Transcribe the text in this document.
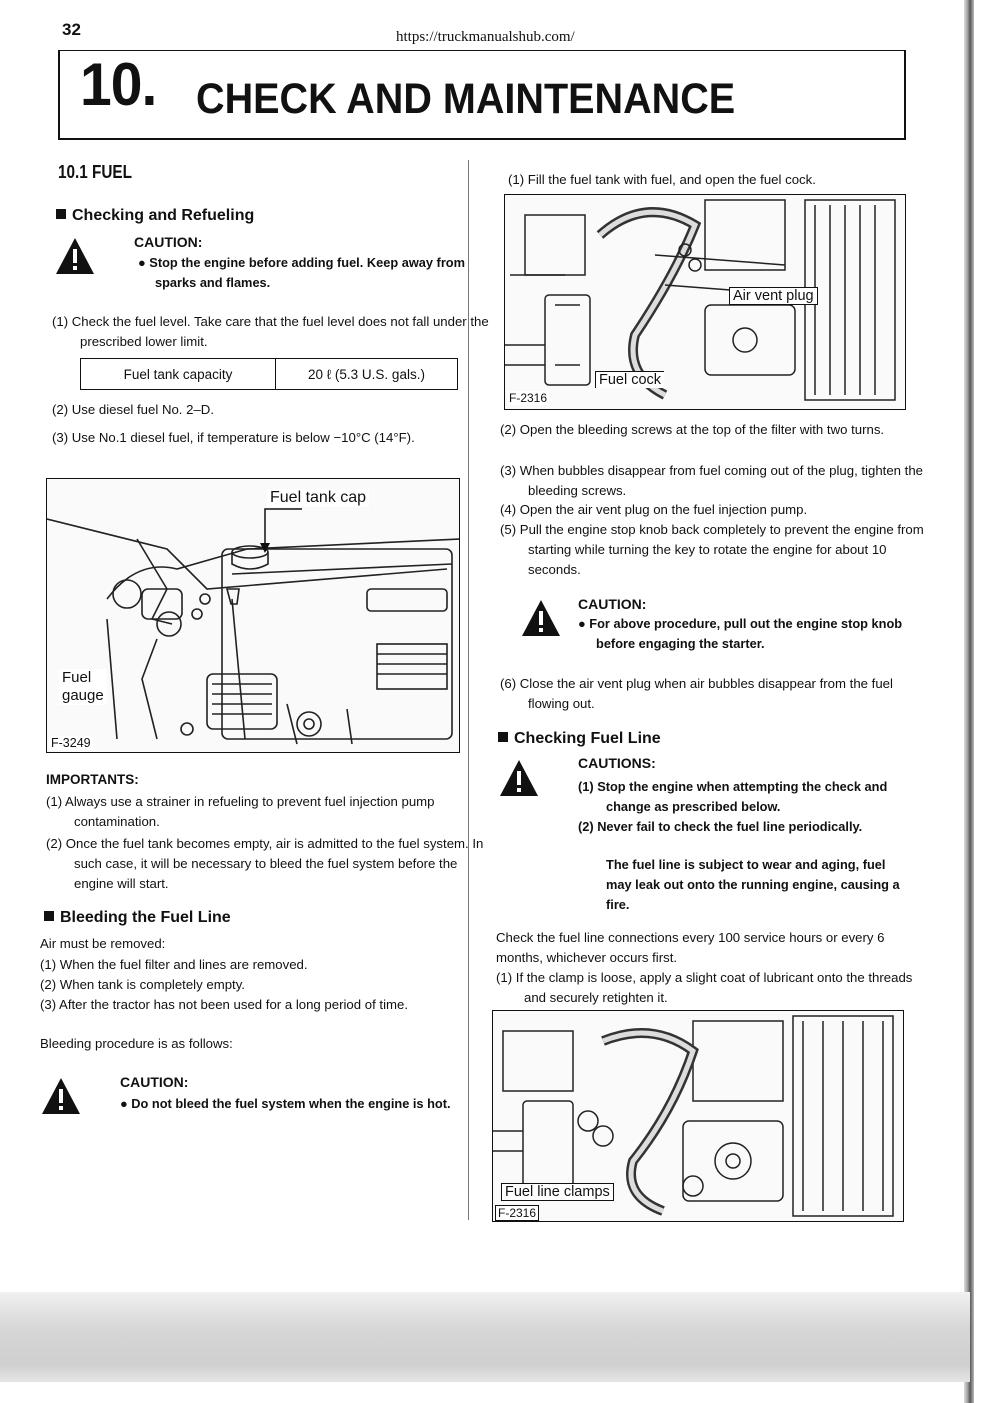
32	https://truckmanualshub.com/
10. CHECK AND MAINTENANCE
10.1 FUEL
Checking and Refueling
CAUTION:
● Stop the engine before adding fuel. Keep away from sparks and flames.
(1) Check the fuel level. Take care that the fuel level does not fall under the prescribed lower limit.
Fuel tank capacity	20 ℓ (5.3 U.S. gals.)
(2) Use diesel fuel No. 2–D.
(3) Use No.1 diesel fuel, if temperature is below −10°C (14°F).
Fuel tank cap
Fuel
gauge
F-3249
IMPORTANTS:
(1) Always use a strainer in refueling to prevent fuel injection pump contamination.
(2) Once the fuel tank becomes empty, air is admitted to the fuel system. In such case, it will be necessary to bleed the fuel system before the engine will start.
Bleeding the Fuel Line
Air must be removed:
(1) When the fuel filter and lines are removed.
(2) When tank is completely empty.
(3) After the tractor has not been used for a long period of time.
Bleeding procedure is as follows:
CAUTION:
● Do not bleed the fuel system when the engine is hot.
(1) Fill the fuel tank with fuel, and open the fuel cock.
Air vent plug
Fuel cock
F-2316
(2) Open the bleeding screws at the top of the filter with two turns.
(3) When bubbles disappear from fuel coming out of the plug, tighten the bleeding screws.
(4) Open the air vent plug on the fuel injection pump.
(5) Pull the engine stop knob back completely to prevent the engine from starting while turning the key to rotate the engine for about 10 seconds.
CAUTION:
● For above procedure, pull out the engine stop knob before engaging the starter.
(6) Close the air vent plug when air bubbles disappear from the fuel flowing out.
Checking Fuel Line
CAUTIONS:
(1) Stop the engine when attempting the check and change as prescribed below.
(2) Never fail to check the fuel line periodically.
The fuel line is subject to wear and aging, fuel may leak out onto the running engine, causing a fire.
Check the fuel line connections every 100 service hours or every 6 months, whichever occurs first.
(1) If the clamp is loose, apply a slight coat of lubricant onto the threads and securely retighten it.
Fuel line clamps
F-2316
